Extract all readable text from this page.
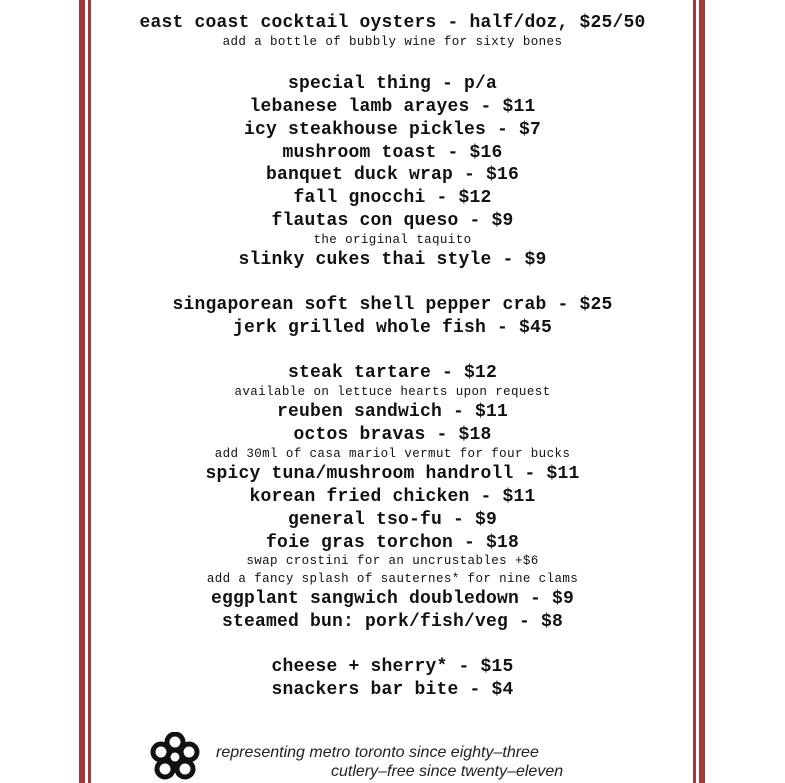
east coast cocktail oysters - half/doz, $25/50
add a bottle of bubbly wine for sixty bones
special thing - p/a
lebanese lamb arayes - $11
icy steakhouse pickles - $7
mushroom toast - $16
banquet duck wrap - $16
fall gnocchi - $12
flautas con queso - $9
the original taquito
slinky cukes thai style - $9
singaporean soft shell pepper crab - $25
jerk grilled whole fish - $45
steak tartare - $12
available on lettuce hearts upon request
reuben sandwich - $11
octos bravas - $18
add 30ml of casa mariol vermut for four bucks
spicy tuna/mushroom handroll - $11
korean fried chicken - $11
general tso-fu - $9
foie gras torchon - $18
swap crostini for an uncrustables +$6
add a fancy splash of sauternes* for nine clams
eggplant sangwich doubledown - $9
steamed bun: pork/fish/veg - $8
cheese + sherry* - $15
snackers bar bite - $4
representing metro toronto since eighty–three
cutlery–free since twenty–eleven
